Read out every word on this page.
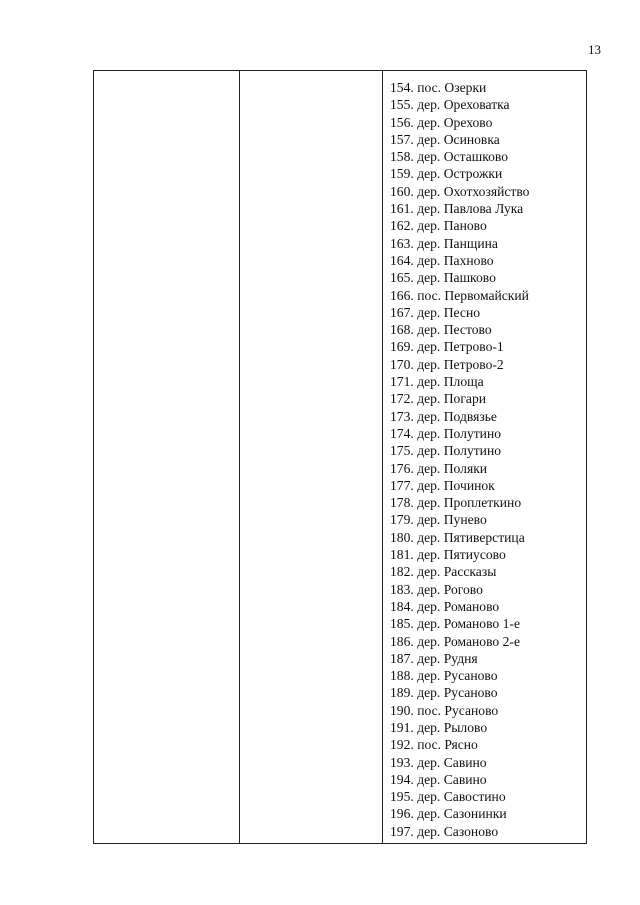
13
154. пос. Озерки
155. дер. Ореховатка
156. дер. Орехово
157. дер. Осиновка
158. дер. Осташково
159. дер. Острожки
160. дер. Охотхозяйство
161. дер. Павлова Лука
162. дер. Паново
163. дер. Панщина
164. дер. Пахново
165. дер. Пашково
166. пос. Первомайский
167. дер. Песно
168. дер. Пестово
169. дер. Петрово-1
170. дер. Петрово-2
171. дер. Площа
172. дер. Погари
173. дер. Подвязье
174. дер. Полутино
175. дер. Полутино
176. дер. Поляки
177. дер. Починок
178. дер. Проплеткино
179. дер. Пунево
180. дер. Пятиверстица
181. дер. Пятиусово
182. дер. Рассказы
183. дер. Рогово
184. дер. Романово
185. дер. Романово 1-е
186. дер. Романово 2-е
187. дер. Рудня
188. дер. Русаново
189. дер. Русаново
190. пос. Русаново
191. дер. Рылово
192. пос. Рясно
193. дер. Савино
194. дер. Савино
195. дер. Савостино
196. дер. Сазонинки
197. дер. Сазоново
